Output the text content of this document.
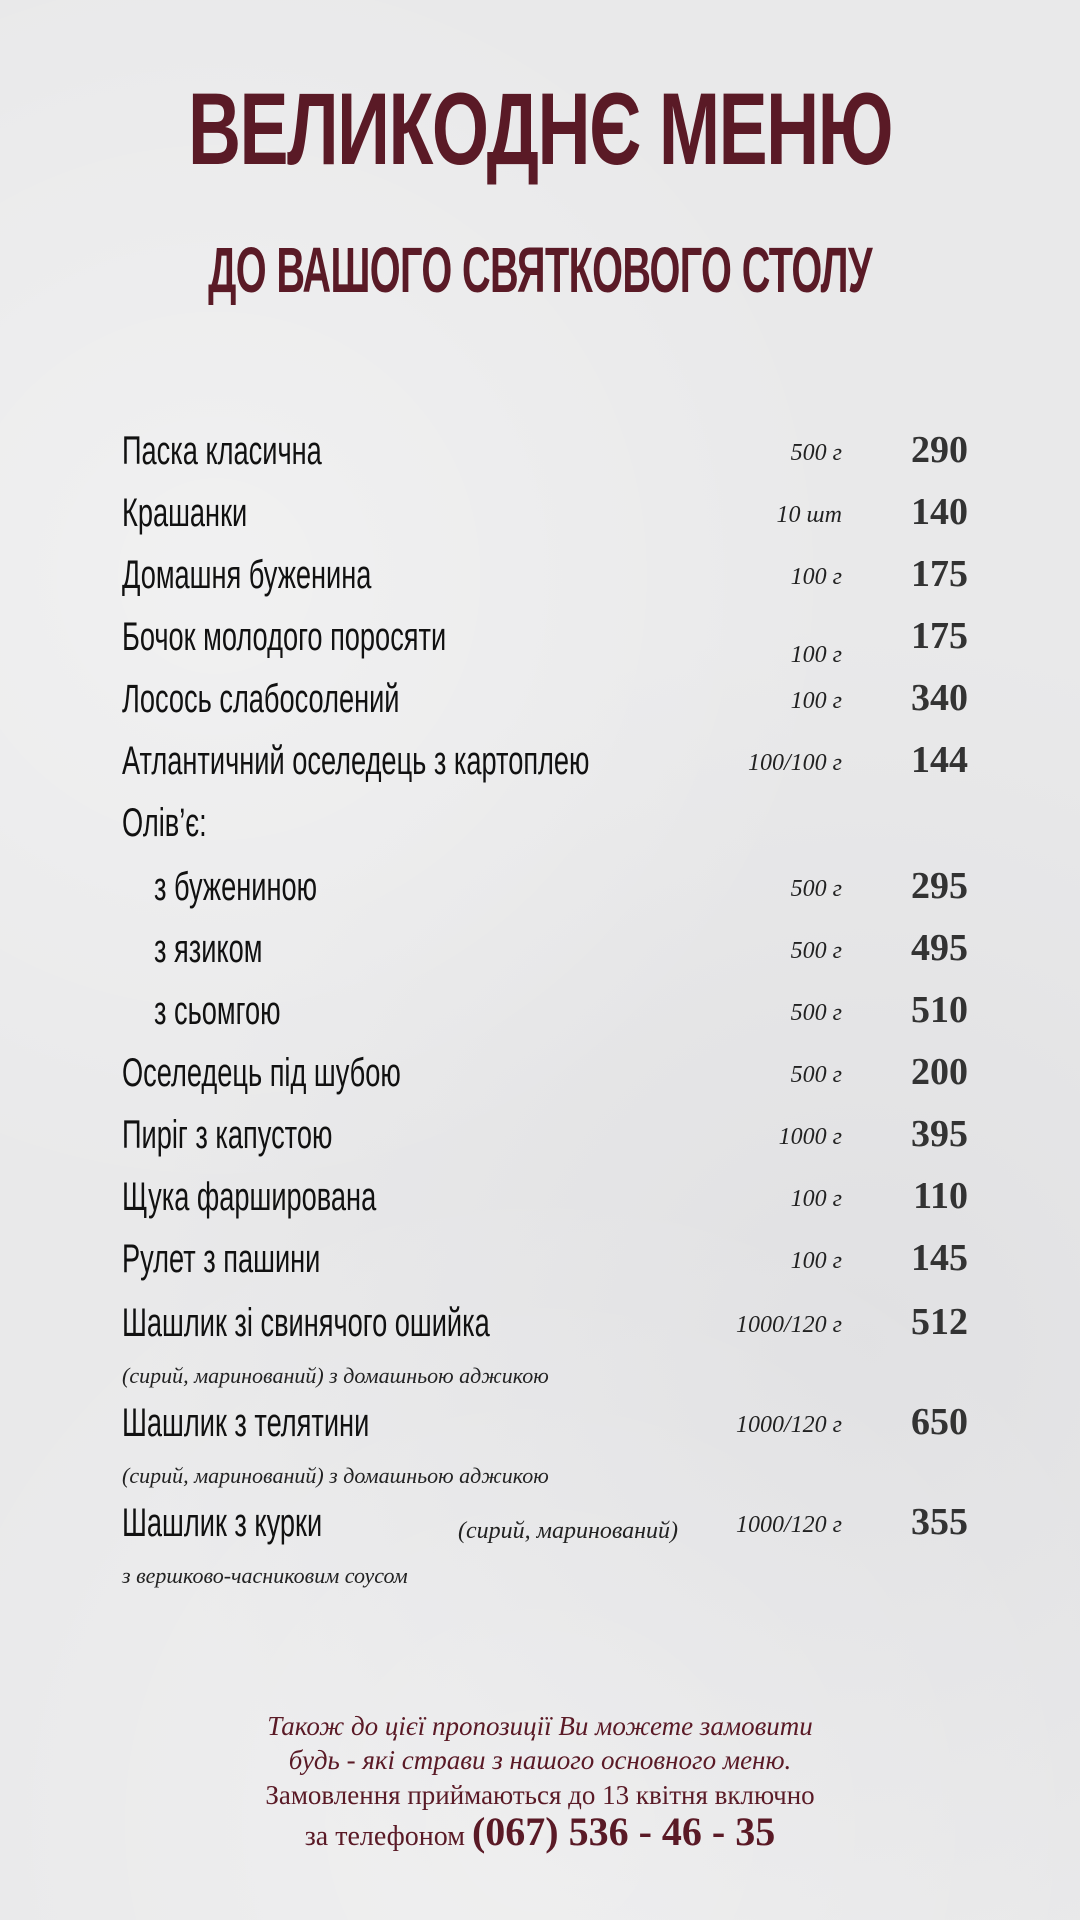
ВЕЛИКОДНЄ МЕНЮ
ДО ВАШОГО СВЯТКОВОГО СТОЛУ
Паска класична	500 г 290
Крашанки	10 шт 140
Домашня буженина	100 г 175
Бочок молодого поросяти	100 г 175
Лосось слабосолений	100 г 340
Атлантичний оселедець з картоплею	100/100 г 144
Олів’є:
з бужениною	500 г 295
з язиком	500 г 495
з сьомгою	500 г 510
Оселедець під шубою	500 г 200
Пиріг з капустою	1000 г 395
Щука фарширована	100 г 110
Рулет з пашини	100 г 145
Шашлик зі свинячого ошийка	1000/120 г 512
(сирий, маринований) з домашньою аджикою
Шашлик з телятини	1000/120 г 650
(сирий, маринований) з домашньою аджикою
Шашлик з курки	(сирий, маринований) 1000/120 г 355
з вершково-часниковим соусом
Також до цієї пропозиції Ви можете замовити
будь - які страви з нашого основного меню.
Замовлення приймаються до 13 квітня включно
за телефоном (067) 536 - 46 - 35
